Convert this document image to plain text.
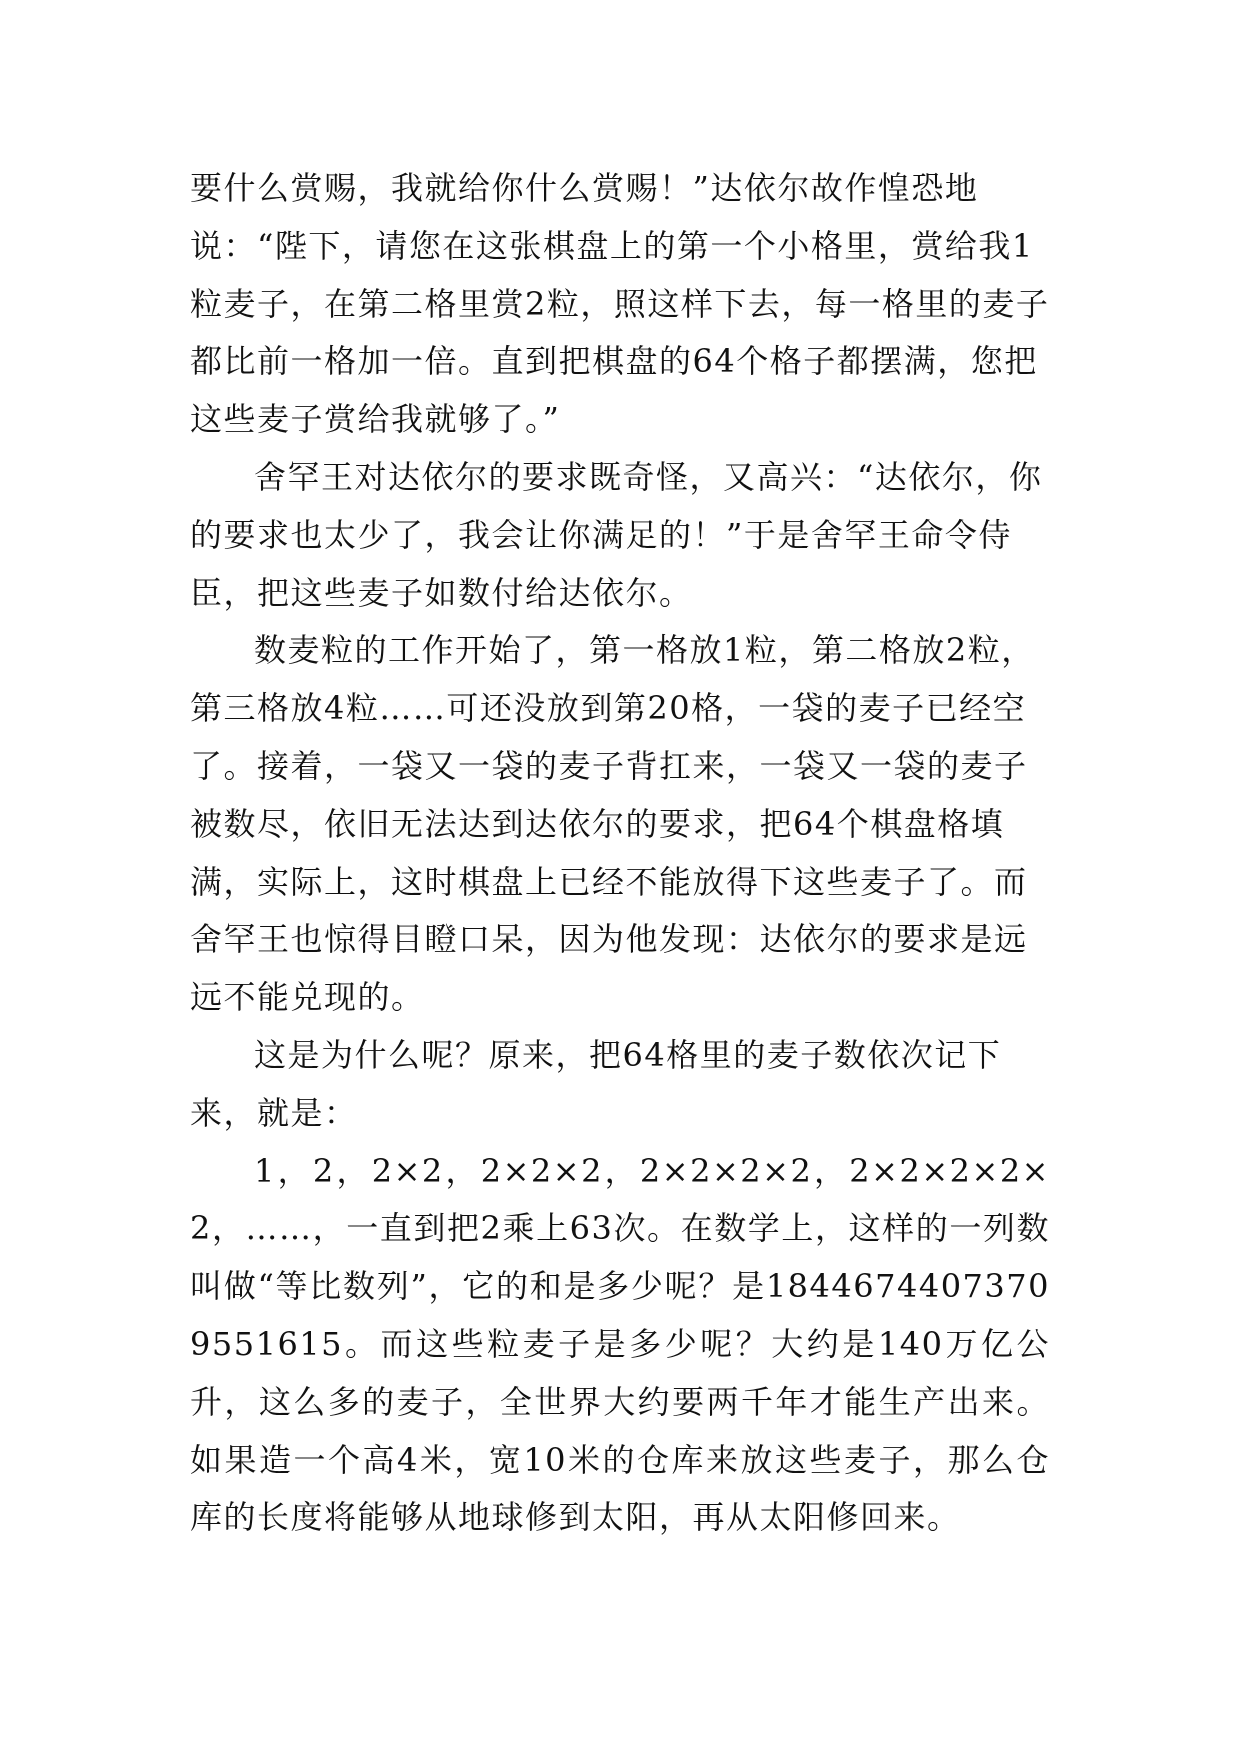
要什么赏赐，我就给你什么赏赐！”达依尔故作惶恐地说：“陛下，请您在这张棋盘上的第一个小格里，赏给我1粒麦子，在第二格里赏2粒，照这样下去，每一格里的麦子都比前一格加一倍。直到把棋盘的64个格子都摆满，您把这些麦子赏给我就够了。”

舍罕王对达依尔的要求既奇怪，又高兴：“达依尔，你的要求也太少了，我会让你满足的！”于是舍罕王命令侍臣，把这些麦子如数付给达依尔。

数麦粒的工作开始了，第一格放1粒，第二格放2粒，第三格放4粒……可还没放到第20格，一袋的麦子已经空了。接着，一袋又一袋的麦子背扛来，一袋又一袋的麦子被数尽，依旧无法达到达依尔的要求，把64个棋盘格填满，实际上，这时棋盘上已经不能放得下这些麦子了。而舍罕王也惊得目瞪口呆，因为他发现：达依尔的要求是远远不能兑现的。

这是为什么呢？原来，把64格里的麦子数依次记下来，就是：

1，2，2×2，2×2×2，2×2×2×2，2×2×2×2×2，……，一直到把2乘上63次。在数学上，这样的一列数叫做“等比数列”，它的和是多少呢？是18446744073709551615。而这些粒麦子是多少呢？大约是140万亿公升，这么多的麦子，全世界大约要两千年才能生产出来。如果造一个高4米，宽10米的仓库来放这些麦子，那么仓库的长度将能够从地球修到太阳，再从太阳修回来。
